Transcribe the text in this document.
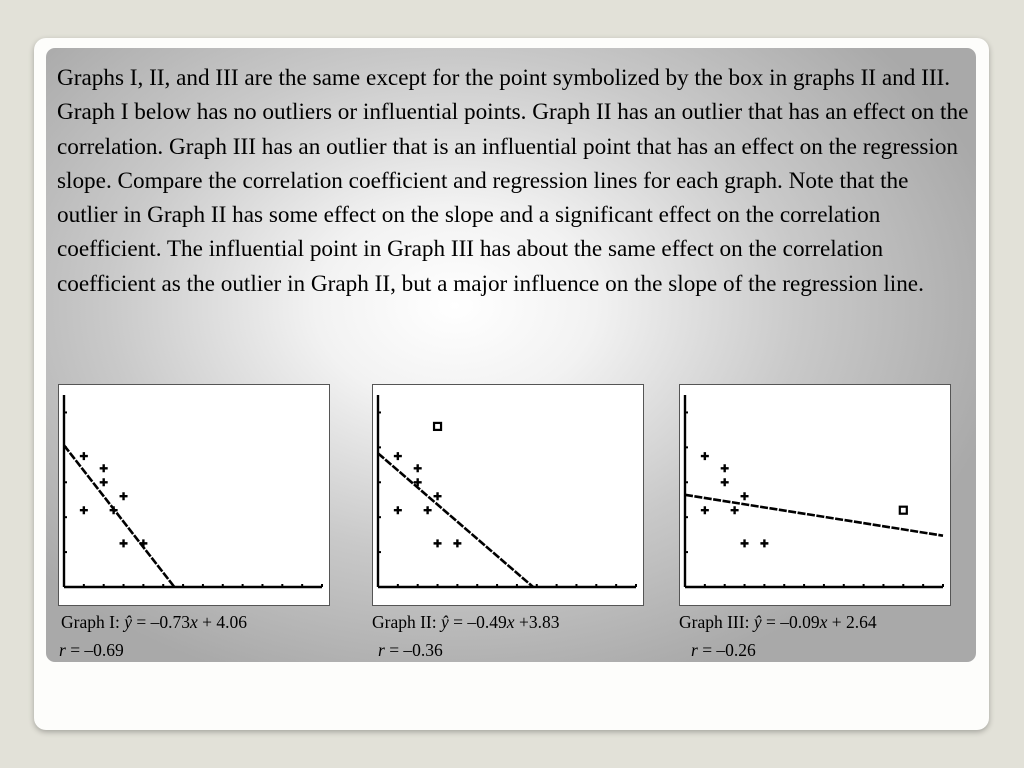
Graphs I, II, and III are the same except for the point symbolized by the box in graphs II and III. Graph I below has no outliers or influential points. Graph II has an outlier that has an effect on the correlation. Graph III has an outlier that is an influential point that has an effect on the regression slope. Compare the correlation coefficient and regression lines for each graph. Note that the outlier in Graph II has some effect on the slope and a significant effect on the correlation coefficient. The influential point in Graph III has about the same effect on the correlation coefficient as the outlier in Graph II, but a major influence on the slope of the regression line.

Graph I: ŷ = –0.73x + 4.06
r = –0.69
Graph II: ŷ = –0.49x +3.83
r = –0.36
Graph III: ŷ = –0.09x + 2.64
r = –0.26
